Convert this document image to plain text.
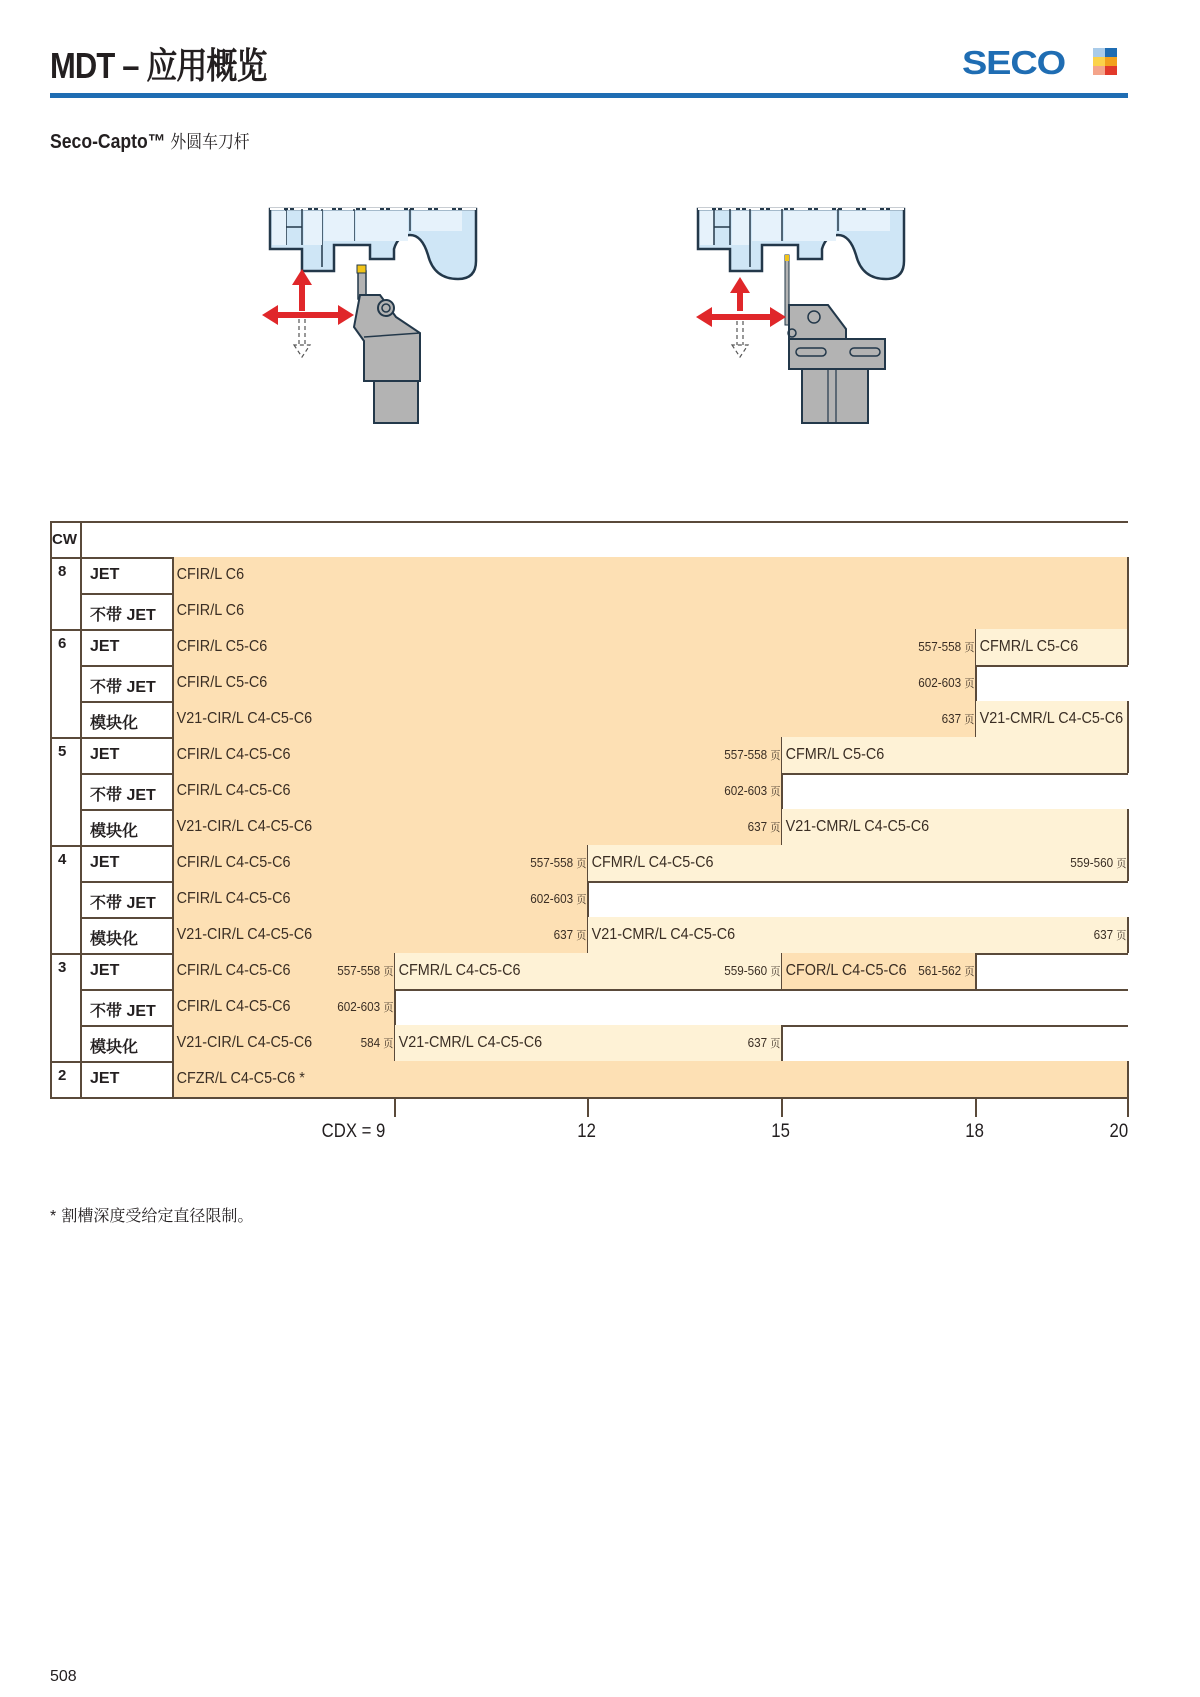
MDT – 应用概览	SECO
Seco-Capto™ 外圆车刀杆
CW
8 JET	CFIR/L C6
不带 JET CFIR/L C6
6 JET	CFIR/L C5-C6	557-558 页 CFMR/L C5-C6
不带 JET CFIR/L C5-C6	602-603 页
模块化 V21-CIR/L C4-C5-C6	637 页 V21-CMR/L C4-C5-C6
5 JET	CFIR/L C4-C5-C6	557-558 页 CFMR/L C5-C6
不带 JET CFIR/L C4-C5-C6	602-603 页
模块化 V21-CIR/L C4-C5-C6	637 页 V21-CMR/L C4-C5-C6
4 JET	CFIR/L C4-C5-C6	557-558 页 CFMR/L C4-C5-C6	559-560 页
不带 JET CFIR/L C4-C5-C6	602-603 页
模块化 V21-CIR/L C4-C5-C6	637 页 V21-CMR/L C4-C5-C6	637 页
3 JET	CFIR/L C4-C5-C6	557-558 页 CFMR/L C4-C5-C6	559-560 页 CFOR/L C4-C5-C6 561-562 页
不带 JET CFIR/L C4-C5-C6	602-603 页
模块化 V21-CIR/L C4-C5-C6	584 页 V21-CMR/L C4-C5-C6	637 页
2 JET	CFZR/L C4-C5-C6 *
CDX = 9	12	15	18	20
* 割槽深度受给定直径限制。
508
